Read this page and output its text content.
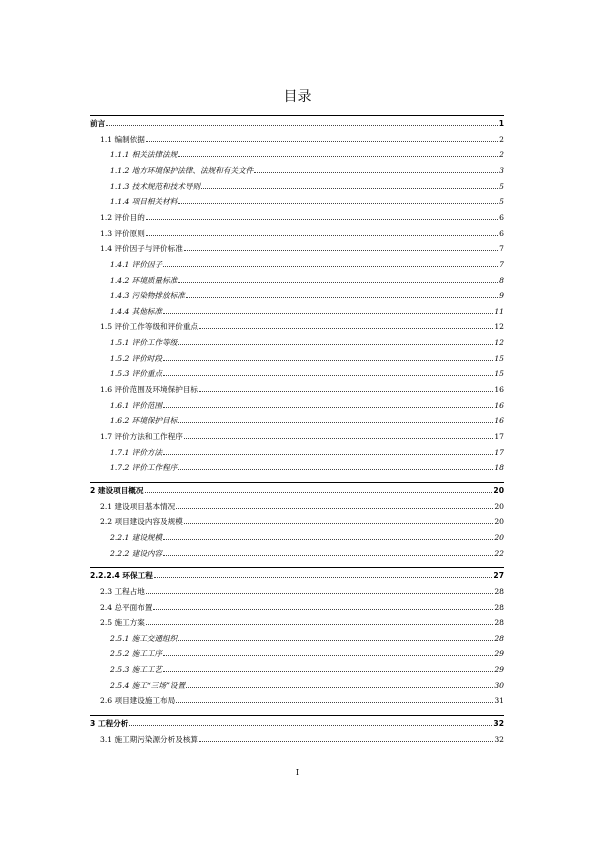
目录
前言	1
1.1 编制依据	2
1.1.1 相关法律法规	2
1.1.2 地方环境保护法律、法规和有关文件	3
1.1.3 技术规范和技术导则	5
1.1.4 项目相关材料	5
1.2 评价目的	6
1.3 评价原则	6
1.4 评价因子与评价标准	7
1.4.1 评价因子	7
1.4.2 环境质量标准	8
1.4.3 污染物排放标准	9
1.4.4 其他标准	11
1.5 评价工作等级和评价重点	12
1.5.1 评价工作等级	12
1.5.2 评价时段	15
1.5.3 评价重点	15
1.6 评价范围及环境保护目标	16
1.6.1 评价范围	16
1.6.2 环境保护目标	16
1.7 评价方法和工作程序	17
1.7.1 评价方法	17
1.7.2 评价工作程序	18
2 建设项目概况	20
2.1 建设项目基本情况	20
2.2 项目建设内容及规模	20
2.2.1 建设规模	20
2.2.2 建设内容	22
2.2.2.4 环保工程	27
2.3 工程占地	28
2.4 总平面布置	28
2.5 施工方案	28
2.5.1 施工交通组织	28
2.5.2 施工工序	29
2.5.3 施工工艺	29
2.5.4 施工“三场”设置	30
2.6 项目建设施工布局	31
3 工程分析	32
3.1 施工期污染源分析及核算	32
I
